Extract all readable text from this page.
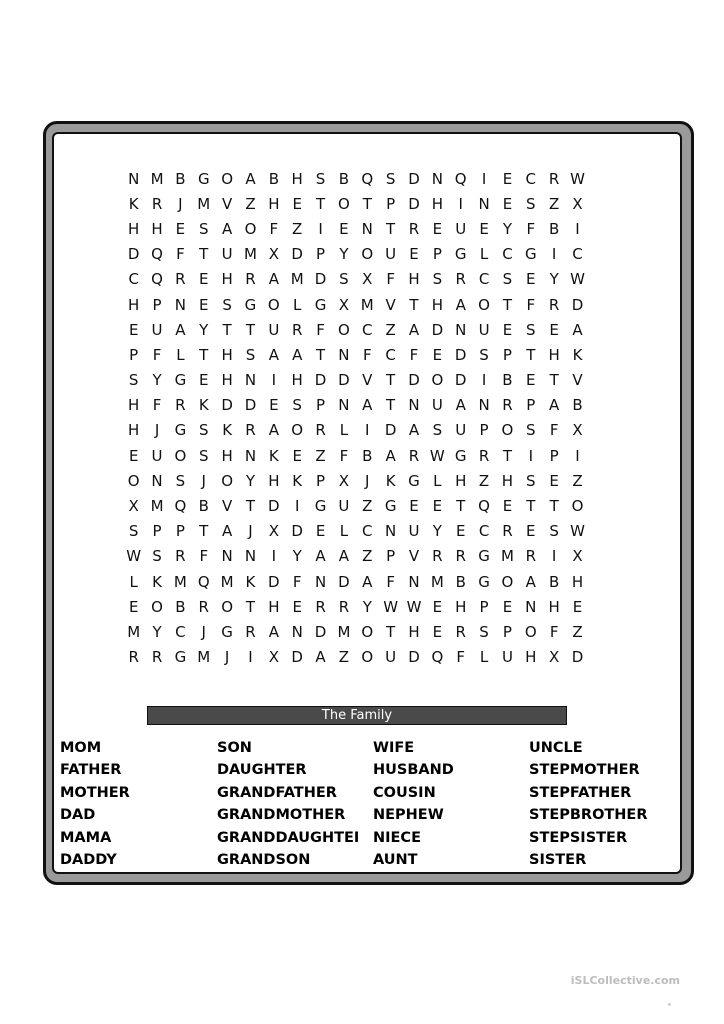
N M B G O A B H S B Q S D N Q	I	E C R W
K R	J M V Z H E T O T P D H	I	N E S Z X
H H E S A O F Z	I	E N T R E U E Y F B	I
D Q F T U M X D P Y O U E P G L C G	I	C
C Q R E H R A M D S X F H S R C S E Y W
H P N E S G O L G X M V T H A O T F R D
E U A Y T T U R F O C Z A D N U E S E A
P F L T H S A A T N F C F E D S P T H K
S Y G E H N	I	H D D V T D O D	I	B E T V
H F R K D D E S P N A T N U A N R P A B
H	J	G S K R A O R L	I	D A S U P O S F X
E U O S H N K E Z F B A R W G R T	I	P	I
O N S	J	O Y H K P X	J	K G L H Z H S E Z
X M Q B V T D	I	G U Z G E E T Q E T T O
S P P T A	J	X D E L C N U Y E C R E S W
W S R F N N	I	Y A A Z P V R R G M R	I	X
L K M Q M K D F N D A F N M B G O A B H
E O B R O T H E R R Y W W E H P E N H E
M Y C	J	G R A N D M O T H E R S P O F Z
R R G M J	I	X D A Z O U D Q F L U H X D
The Family
MOM
FATHER
MOTHER
DAD
MAMA
DADDY
SON
DAUGHTER
GRANDFATHER
GRANDMOTHER
GRANDDAUGHTEI
GRANDSON
WIFE
HUSBAND
COUSIN
NEPHEW
NIECE
AUNT
UNCLE
STEPMOTHER
STEPFATHER
STEPBROTHER
STEPSISTER
SISTER
iSLCollective.com
